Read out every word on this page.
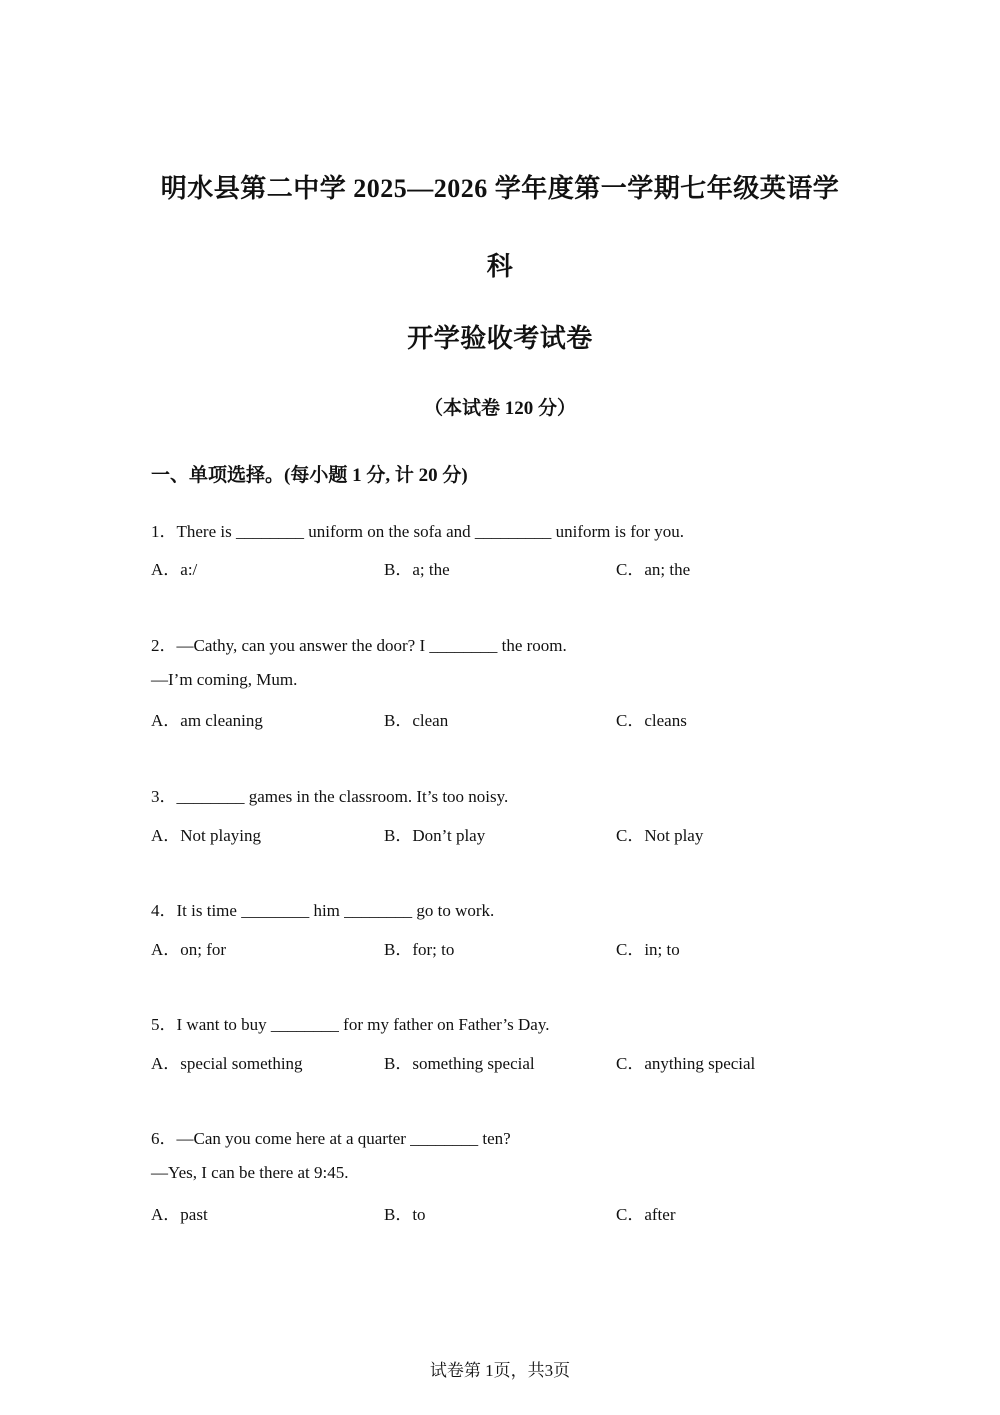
明水县第二中学 2025—2026 学年度第一学期七年级英语学
科
开学验收考试卷
（本试卷 120 分）
一、单项选择。(每小题 1 分, 计 20 分)
1．There is ________ uniform on the sofa and _________ uniform is for you.
A．a:/	B．a; the	C．an; the
2．—Cathy, can you answer the door? I ________ the room.
—I’m coming, Mum.
A．am cleaning	B．clean	C．cleans
3．________ games in the classroom. It’s too noisy.
A．Not playing	B．Don’t play	C．Not play
4．It is time ________ him ________ go to work.
A．on; for	B．for; to	C．in; to
5．I want to buy ________ for my father on Father’s Day.
A．special something	B．something special	C．anything special
6．—Can you come here at a quarter ________ ten?
—Yes, I can be there at 9:45.
A．past	B．to	C．after
试卷第 1页，共3页
